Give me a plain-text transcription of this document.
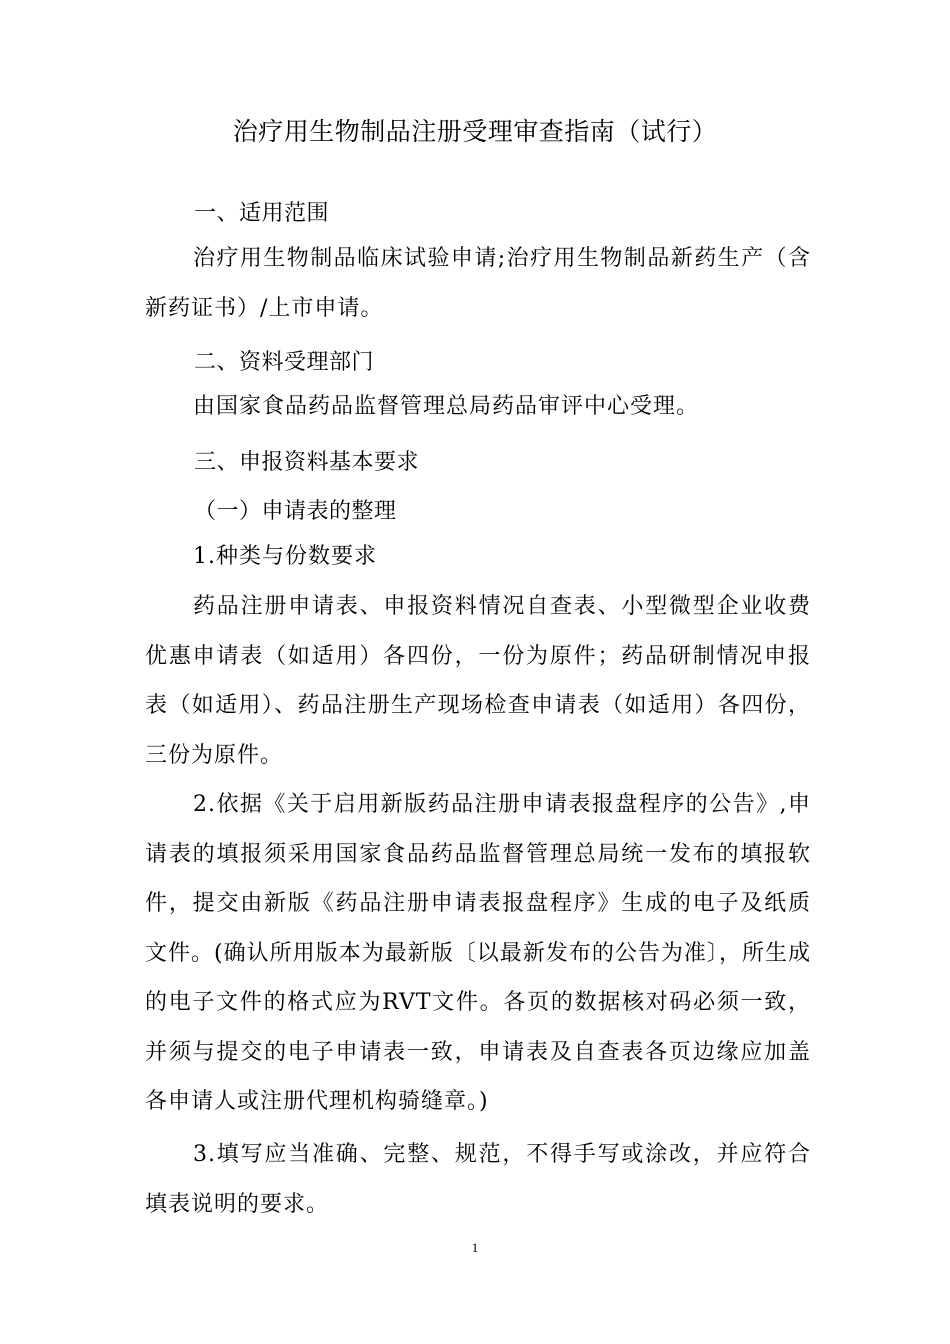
治疗用生物制品注册受理审查指南（试行）
一、适用范围

治疗用生物制品临床试验申请;治疗用生物制品新药生产（含新药证书）/上市申请。

二、资料受理部门

由国家食品药品监督管理总局药品审评中心受理。

三、申报资料基本要求
（一）申请表的整理

1.种类与份数要求

药品注册申请表、申报资料情况自查表、小型微型企业收费优惠申请表（如适用）各四份，一份为原件；药品研制情况申报表（如适用）、药品注册生产现场检查申请表（如适用）各四份，三份为原件。

2.依据《关于启用新版药品注册申请表报盘程序的公告》,申请表的填报须采用国家食品药品监督管理总局统一发布的填报软件，提交由新版《药品注册申请表报盘程序》生成的电子及纸质文件。(确认所用版本为最新版〔以最新发布的公告为准〕，所生成的电子文件的格式应为RVT文件。各页的数据核对码必须一致，并须与提交的电子申请表一致，申请表及自查表各页边缘应加盖各申请人或注册代理机构骑缝章。)

3.填写应当准确、完整、规范，不得手写或涂改，并应符合填表说明的要求。

1
